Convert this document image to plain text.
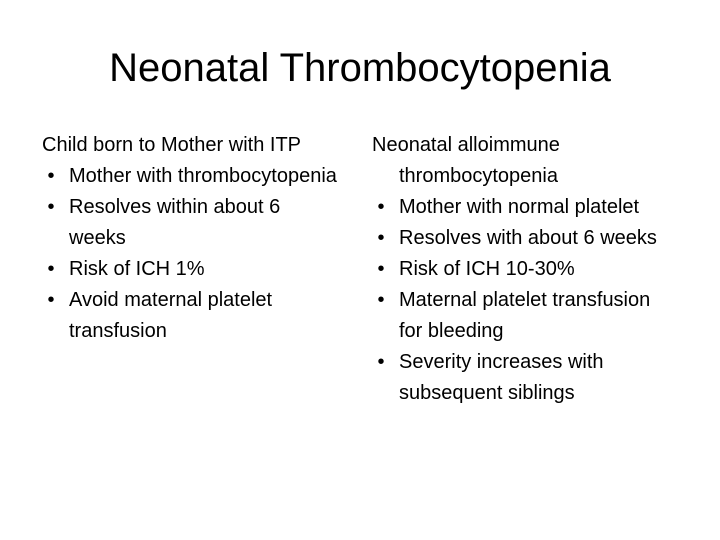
Neonatal Thrombocytopenia
Child born to Mother with ITP
• Mother with thrombocytopenia
• Resolves within about 6 weeks
• Risk of ICH 1%
• Avoid maternal platelet transfusion
Neonatal alloimmune thrombocytopenia
• Mother with normal platelet
• Resolves with about 6 weeks
• Risk of ICH 10-30%
• Maternal platelet transfusion for bleeding
• Severity increases with subsequent siblings
